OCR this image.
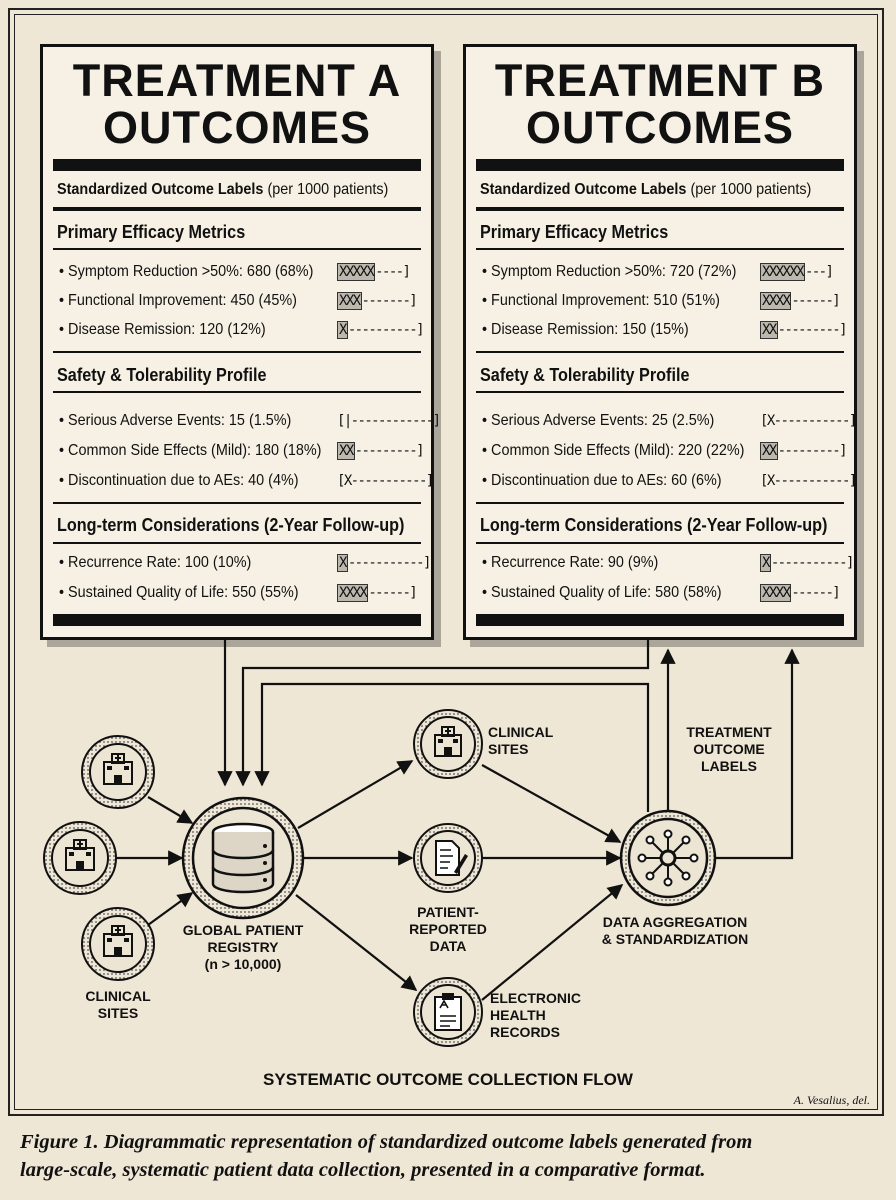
TREATMENT A
OUTCOMES
Standardized Outcome Labels (per 1000 patients)
Primary Efficacy Metrics
• Symptom Reduction >50%: 680 (68%) XXXXX ----]
• Functional Improvement: 450 (45%)	XXX -------]
• Disease Remission: 120 (12%)	X ----------]
Safety & Tolerability Profile
• Serious Adverse Events: 15 (1.5%)	[|------------]
• Common Side Effects (Mild): 180 (18%) XX ---------]
• Discontinuation due to AEs: 40 (4%)	[X-----------]
Long-term Considerations (2-Year Follow-up)
• Recurrence Rate: 100 (10%)	X -----------]
• Sustained Quality of Life: 550 (55%)	XXXX ------]
TREATMENT B
OUTCOMES
Standardized Outcome Labels (per 1000 patients)
Primary Efficacy Metrics
• Symptom Reduction >50%: 720 (72%) XXXXXX ---]
• Functional Improvement: 510 (51%)	XXXX ------]
• Disease Remission: 150 (15%)	XX ---------]
Safety & Tolerability Profile
• Serious Adverse Events: 25 (2.5%)	[X-----------]
• Common Side Effects (Mild): 220 (22%) XX ---------]
• Discontinuation due to AEs: 60 (6%)	[X-----------]
Long-term Considerations (2-Year Follow-up)
• Recurrence Rate: 90 (9%)	X -----------]
• Sustained Quality of Life: 580 (58%)	XXXX ------]
GLOBAL PATIENT
REGISTRY
(n > 10,000)
CLINICAL
SITES
CLINICAL
SITES
PATIENT-
REPORTED
DATA
ELECTRONIC
HEALTH
RECORDS
DATA AGGREGATION
& STANDARDIZATION
TREATMENT
OUTCOME
LABELS
SYSTEMATIC OUTCOME COLLECTION FLOW
A. Vesalius, del.
Figure 1. Diagrammatic representation of standardized outcome labels generated from
large-scale, systematic patient data collection, presented in a comparative format.
